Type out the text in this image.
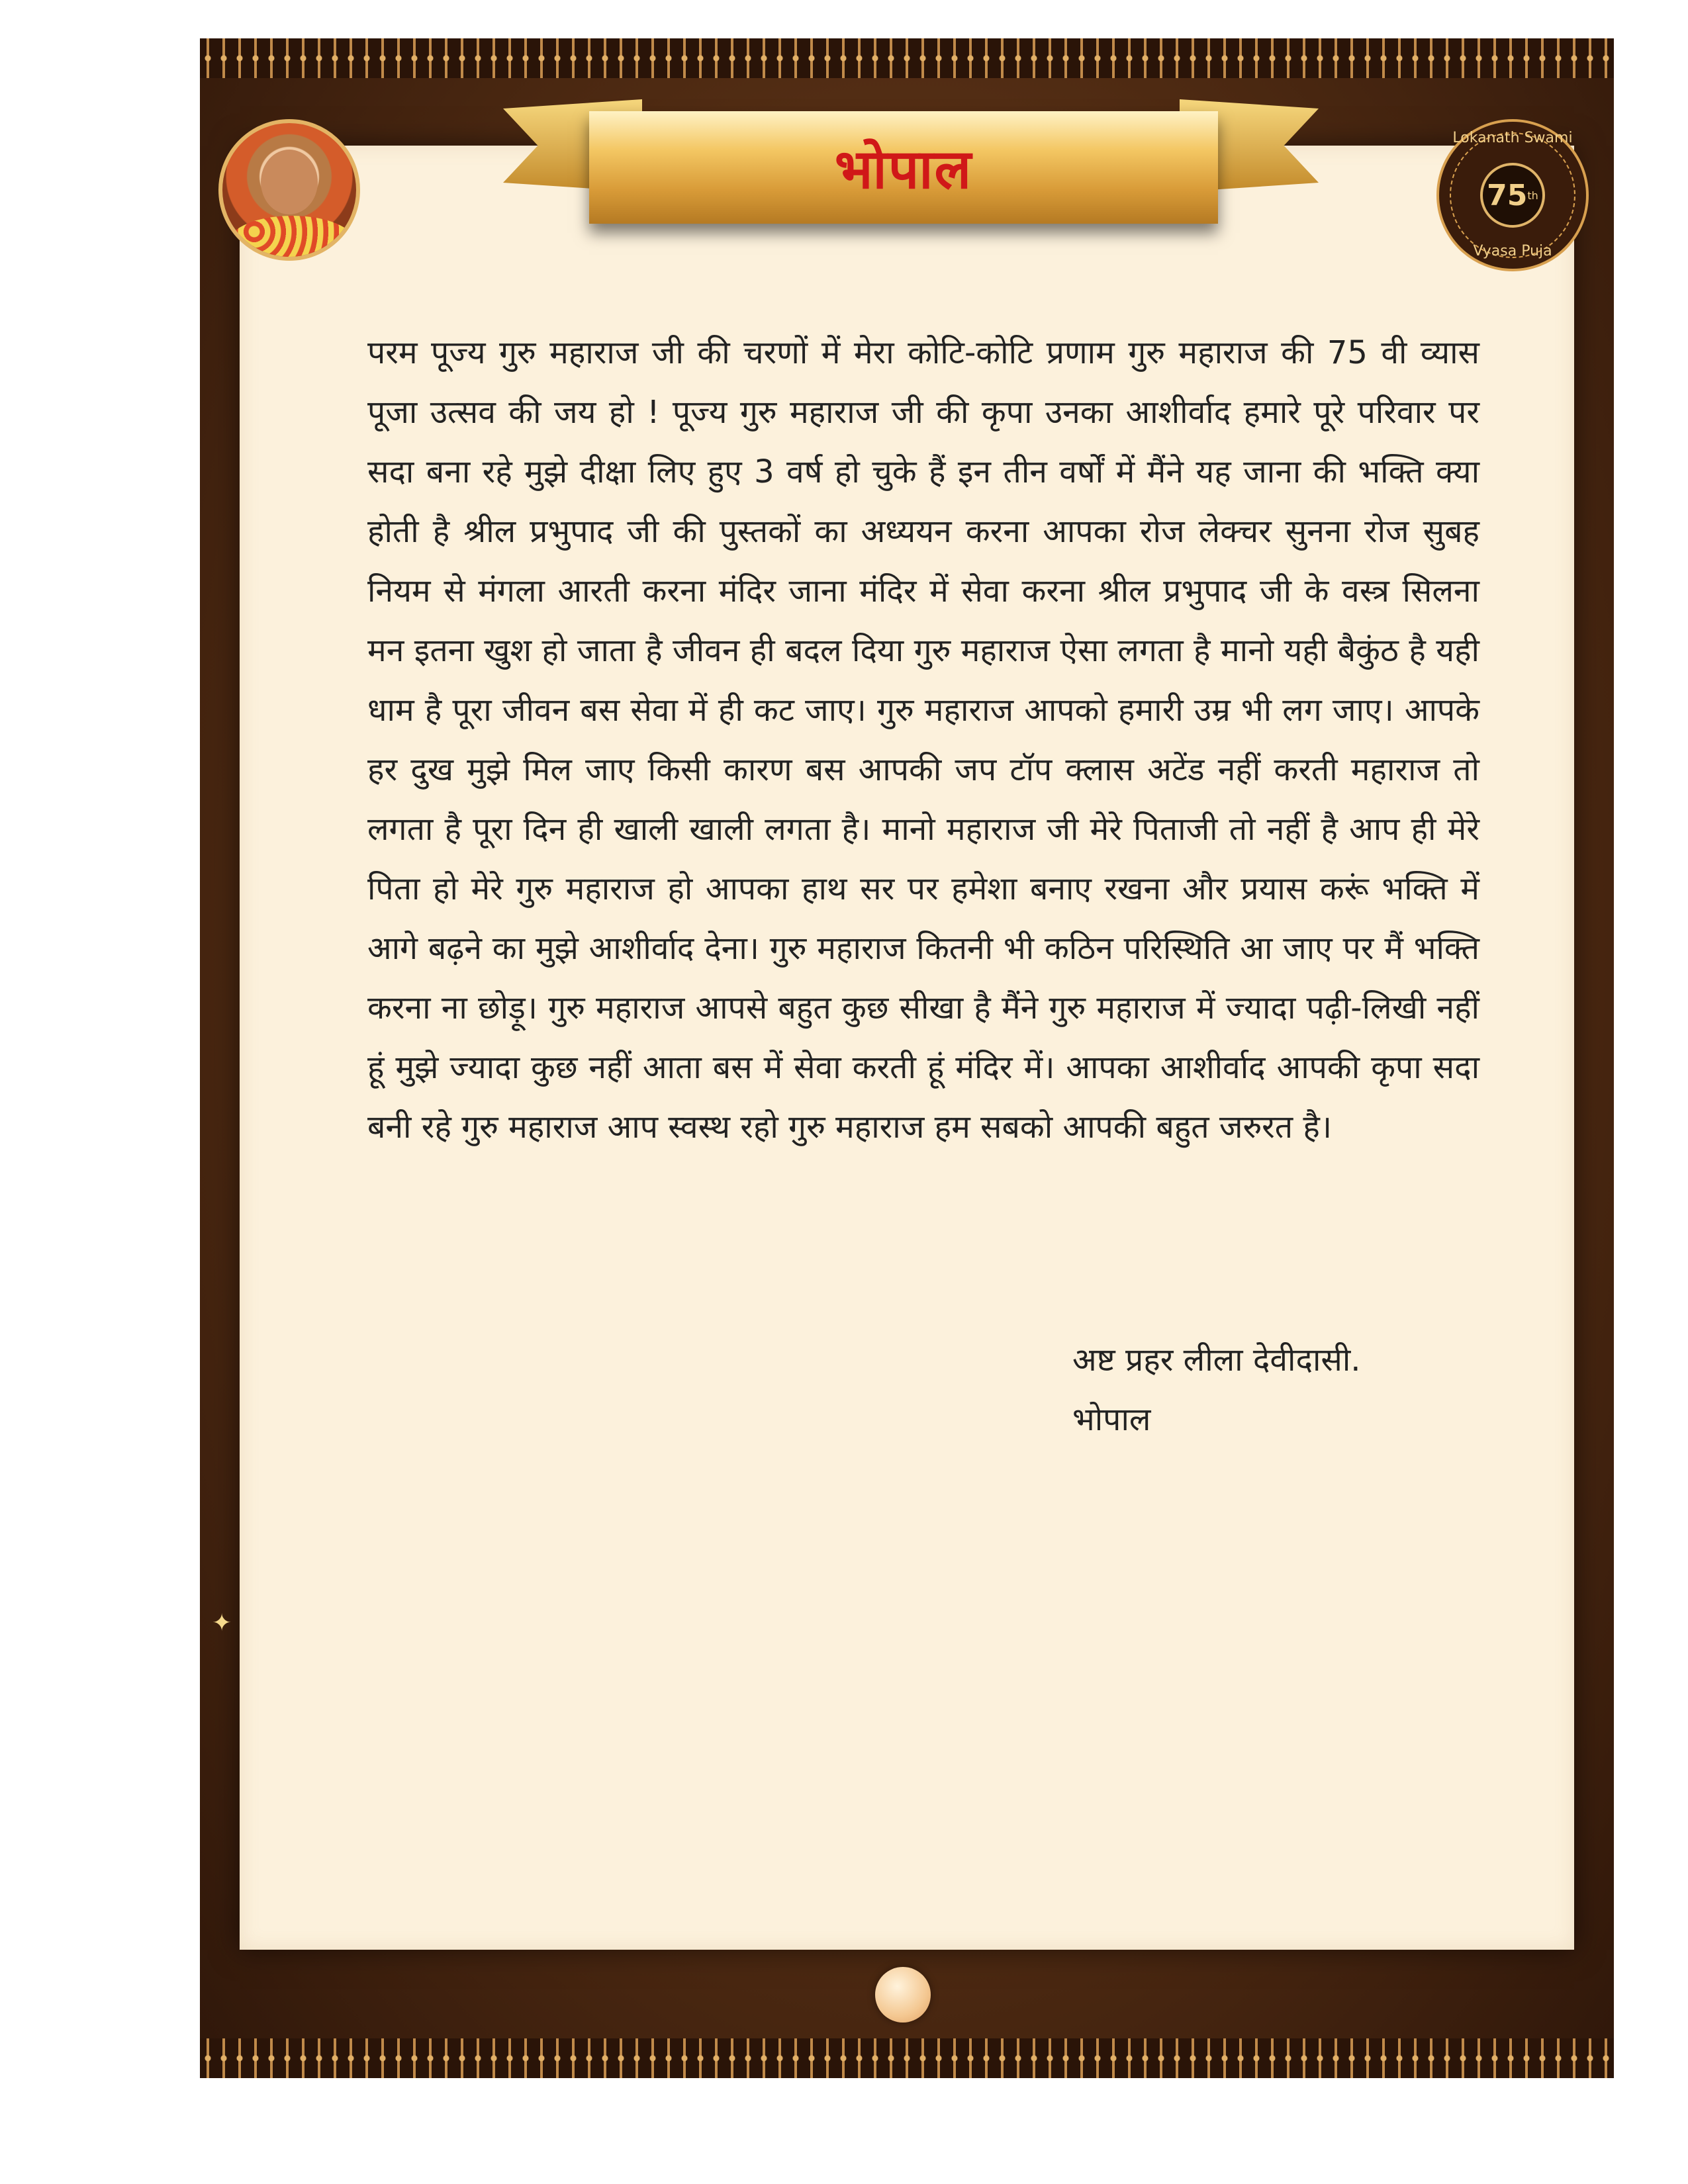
भोपाल
Lokanath Swami
75 th
Vyasa Puja

परम पूज्य गुरु महाराज जी की चरणों में मेरा कोटि-कोटि प्रणाम गुरु महाराज की 75 वी व्यास पूजा उत्सव की जय हो ! पूज्य गुरु महाराज जी की कृपा उनका आशीर्वाद हमारे पूरे परिवार पर सदा बना रहे मुझे दीक्षा लिए हुए 3 वर्ष हो चुके हैं इन तीन वर्षों में मैंने यह जाना की भक्ति क्या होती है श्रील प्रभुपाद जी की पुस्तकों का अध्ययन करना आपका रोज लेक्चर सुनना रोज सुबह नियम से मंगला आरती करना मंदिर जाना मंदिर में सेवा करना श्रील प्रभुपाद जी के वस्त्र सिलना मन इतना खुश हो जाता है जीवन ही बदल दिया गुरु महाराज ऐसा लगता है मानो यही बैकुंठ है यही धाम है पूरा जीवन बस सेवा में ही कट जाए। गुरु महाराज आपको हमारी उम्र भी लग जाए। आपके हर दुख मुझे मिल जाए किसी कारण बस आपकी जप टॉप क्लास अटेंड नहीं करती महाराज तो लगता है पूरा दिन ही खाली खाली लगता है। मानो महाराज जी मेरे पिताजी तो नहीं है आप ही मेरे पिता हो मेरे गुरु महाराज हो आपका हाथ सर पर हमेशा बनाए रखना और प्रयास करूं भक्ति में आगे बढ़ने का मुझे आशीर्वाद देना। गुरु महाराज कितनी भी कठिन परिस्थिति आ जाए पर मैं भक्ति करना ना छोड़ू। गुरु महाराज आपसे बहुत कुछ सीखा है मैंने गुरु महाराज में ज्यादा पढ़ी-लिखी नहीं हूं मुझे ज्यादा कुछ नहीं आता बस में सेवा करती हूं मंदिर में। आपका आशीर्वाद आपकी कृपा सदा बनी रहे गुरु महाराज आप स्वस्थ रहो गुरु महाराज हम सबको आपकी बहुत जरुरत है।

अष्ट प्रहर लीला देवीदासी.
भोपाल
✦
